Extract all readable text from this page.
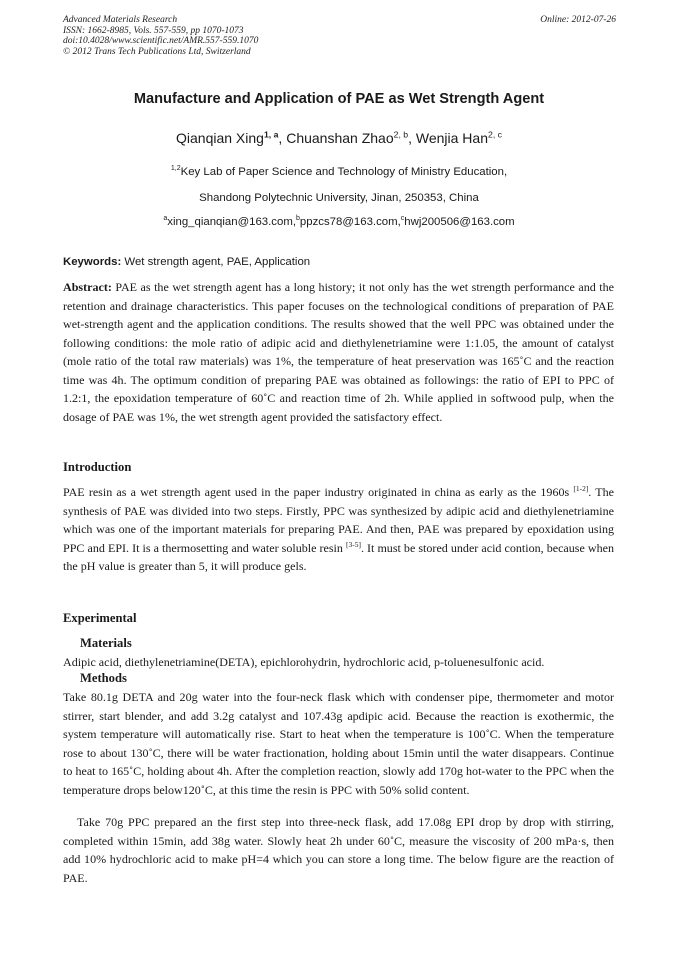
Advanced Materials Research
ISSN: 1662-8985, Vols. 557-559, pp 1070-1073
doi:10.4028/www.scientific.net/AMR.557-559.1070
© 2012 Trans Tech Publications Ltd, Switzerland
Online: 2012-07-26
Manufacture and Application of PAE as Wet Strength Agent
Qianqian Xing$^{1, a}$, Chuanshan Zhao$^{2, b}$, Wenjia Han$^{2, c}$
$^{1,2}$Key Lab of Paper Science and Technology of Ministry Education,
Shandong Polytechnic University, Jinan, 250353, China
$^a$xing_qianqian@163.com,$^b$ppzcs78@163.com,$^c$hwj200506@163.com
Keywords: Wet strength agent, PAE, Application
Abstract: PAE as the wet strength agent has a long history; it not only has the wet strength performance and the retention and drainage characteristics. This paper focuses on the technological conditions of preparation of PAE wet-strength agent and the application conditions. The results showed that the well PPC was obtained under the following conditions: the mole ratio of adipic acid and diethylenetriamine were 1:1.05, the amount of catalyst (mole ratio of the total raw materials) was 1%, the temperature of heat preservation was 165˚C and the reaction time was 4h. The optimum condition of preparing PAE was obtained as followings: the ratio of EPI to PPC of 1.2:1, the epoxidation temperature of 60˚C and reaction time of 2h. While applied in softwood pulp, when the dosage of PAE was 1%, the wet strength agent provided the satisfactory effect.
Introduction
PAE resin as a wet strength agent used in the paper industry originated in china as early as the 1960s [1-2]. The synthesis of PAE was divided into two steps. Firstly, PPC was synthesized by adipic acid and diethylenetriamine which was one of the important materials for preparing PAE. And then, PAE was prepared by epoxidation using PPC and EPI. It is a thermosetting and water soluble resin [3-5]. It must be stored under acid contion, because when the pH value is greater than 5, it will produce gels.
Experimental
Materials
Adipic acid, diethylenetriamine(DETA), epichlorohydrin, hydrochloric acid, p-toluenesulfonic acid.
Methods
Take 80.1g DETA and 20g water into the four-neck flask which with condenser pipe, thermometer and motor stirrer, start blender, and add 3.2g catalyst and 107.43g apdipic acid. Because the reaction is exothermic, the system temperature will automatically rise. Start to heat when the temperature is 100˚C. When the temperature rose to about 130˚C, there will be water fractionation, holding about 15min until the water disappears. Continue to heat to 165˚C, holding about 4h. After the completion reaction, slowly add 170g hot-water to the PPC when the temperature drops below120˚C, at this time the resin is PPC with 50% solid content.
Take 70g PPC prepared an the first step into three-neck flask, add 17.08g EPI drop by drop with stirring, completed within 15min, add 38g water. Slowly heat 2h under 60˚C, measure the viscosity of 200 mPa·s, then add 10% hydrochloric acid to make pH=4 which you can store a long time. The below figure are the reaction of PAE.
